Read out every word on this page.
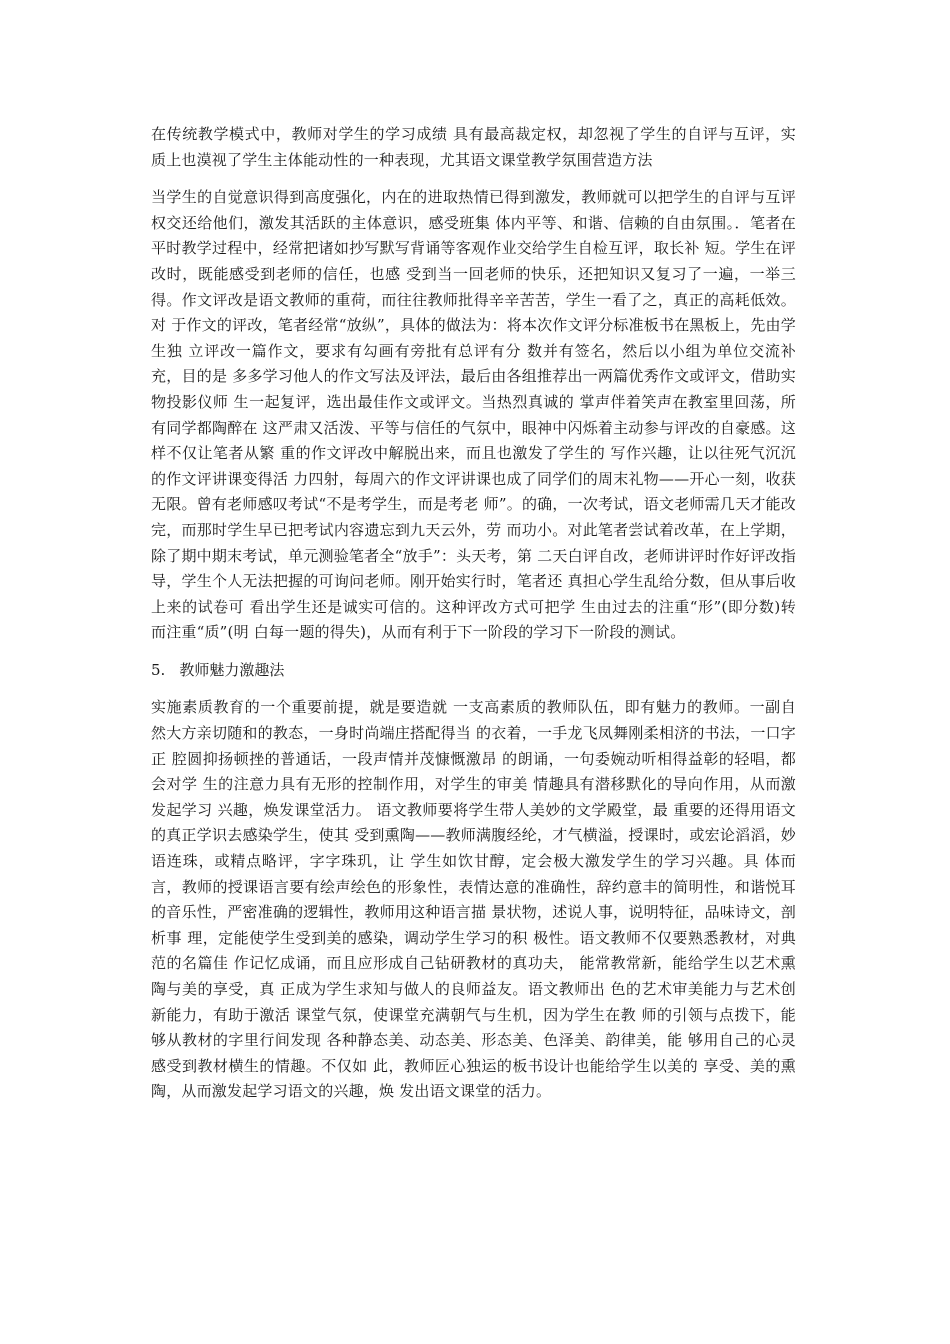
在传统教学模式中，教师对学生的学习成绩 具有最高裁定权，却忽视了学生的自评与互评，实 质上也漠视了学生主体能动性的一种表现，尤其语文课堂教学氛围营造方法

当学生的自觉意识得到高度强化，内在的进取热情已得到激发，教师就可以把学生的自评与互评 权交还给他们，激发其活跃的主体意识，感受班集 体内平等、和谐、信赖的自由氛围。．笔者在平时教学过程中，经常把诸如抄写默写背诵等客观作业交给学生自检互评，取长补 短。学生在评改时，既能感受到老师的信任，也感 受到当一回老师的快乐，还把知识又复习了一遍，一举三得。作文评改是语文教师的重荷，而往往教师批得辛辛苦苦，学生一看了之，真正的高耗低效。对 于作文的评改，笔者经常“放纵”，具体的做法为：将本次作文评分标准板书在黑板上，先由学生独 立评改一篇作文，要求有勾画有旁批有总评有分 数并有签名，然后以小组为单位交流补充，目的是 多多学习他人的作文写法及评法，最后由各组推荐出一两篇优秀作文或评文，借助实物投影仪师 生一起复评，选出最佳作文或评文。当热烈真诚的 掌声伴着笑声在教室里回荡，所有同学都陶醉在 这严肃又活泼、平等与信任的气氛中，眼神中闪烁着主动参与评改的自豪感。这样不仅让笔者从繁 重的作文评改中解脱出来，而且也激发了学生的 写作兴趣，让以往死气沉沉的作文评讲课变得活 力四射，每周六的作文评讲课也成了同学们的周末礼物——开心一刻，收获无限。曾有老师感叹考试“不是考学生，而是考老 师”。的确，一次考试，语文老师需几天才能改完，而那时学生早已把考试内容遗忘到九天云外，劳 而功小。对此笔者尝试着改革，在上学期，除了期中期末考试，单元测验笔者全“放手”：头天考，第 二天白评自改，老师讲评时作好评改指导，学生个人无法把握的可询问老师。刚开始实行时，笔者还 真担心学生乱给分数，但从事后收上来的试卷可 看出学生还是诚实可信的。这种评改方式可把学 生由过去的注重“形”(即分数)转而注重“质”(明 白每一题的得失)，从而有利于下一阶段的学习下一阶段的测试。

5. 教师魅力激趣法

实施素质教育的一个重要前提，就是要造就 一支高素质的教师队伍，即有魅力的教师。一副自 然大方亲切随和的教态，一身时尚端庄搭配得当 的衣着，一手龙飞凤舞刚柔相济的书法，一口字正 腔圆抑扬顿挫的普通话，一段声情并茂慷慨激昂 的朗诵，一句委婉动听相得益彰的轻唱，都会对学 生的注意力具有无形的控制作用，对学生的审美 情趣具有潜移默化的导向作用，从而激发起学习 兴趣，焕发课堂活力。 语文教师要将学生带人美妙的文学殿堂，最 重要的还得用语文的真正学识去感染学生，使其 受到熏陶——教师满腹经纶，才气横溢，授课时，或宏论滔滔，妙语连珠，或精点略评，字字珠玑，让 学生如饮甘醇，定会极大激发学生的学习兴趣。具 体而言，教师的授课语言要有绘声绘色的形象性，表情达意的准确性，辞约意丰的简明性，和谐悦耳 的音乐性，严密准确的逻辑性，教师用这种语言描 景状物，述说人事，说明特征，品味诗文，剖析事 理，定能使学生受到美的感染，调动学生学习的积 极性。语文教师不仅要熟悉教材，对典范的名篇佳 作记忆成诵，而且应形成自己钻研教材的真功夫， 能常教常新，能给学生以艺术熏陶与美的享受，真 正成为学生求知与做人的良师益友。语文教师出 色的艺术审美能力与艺术创新能力，有助于激活 课堂气氛，使课堂充满朝气与生机，因为学生在教 师的引领与点拨下，能够从教材的字里行间发现 各种静态美、动态美、形态美、色泽美、韵律美，能 够用自己的心灵感受到教材横生的情趣。不仅如 此，教师匠心独运的板书设计也能给学生以美的 享受、美的熏陶，从而激发起学习语文的兴趣，焕 发出语文课堂的活力。
